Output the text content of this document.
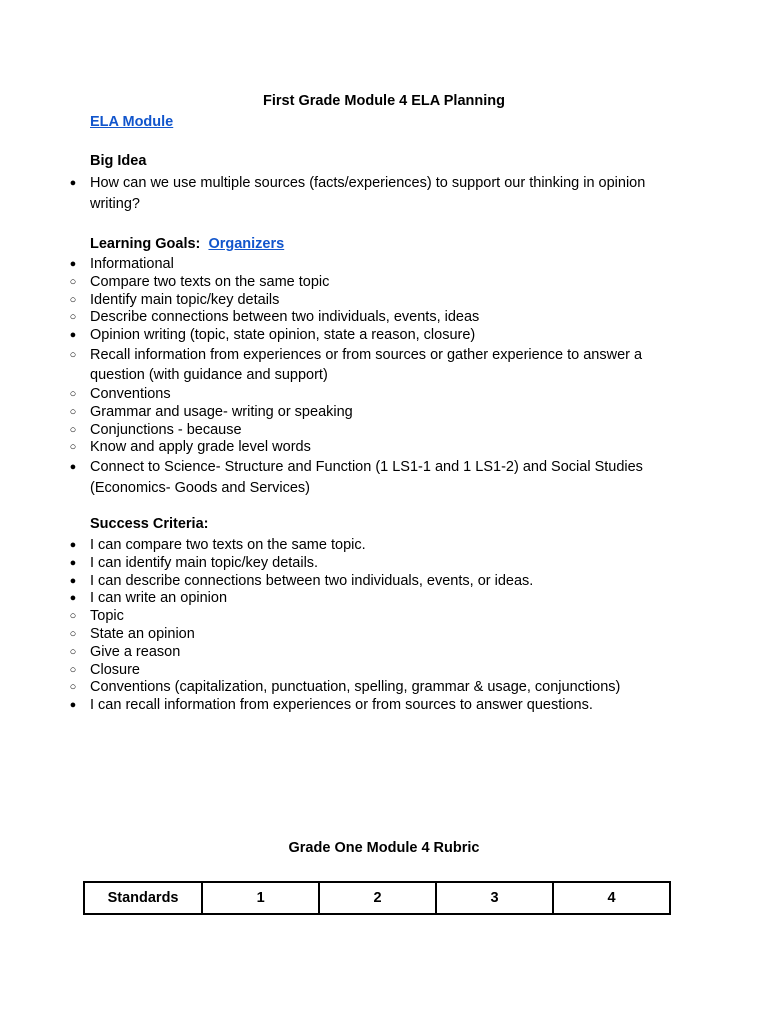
First Grade Module 4 ELA Planning
ELA Module
Big Idea
● How can we use multiple sources (facts/experiences) to support our thinking in opinion writing?
Learning Goals: Organizers
● Informational
○ Compare two texts on the same topic
○ Identify main topic/key details
○ Describe connections between two individuals, events, ideas
● Opinion writing (topic, state opinion, state a reason, closure)
○ Recall information from experiences or from sources or gather experience to answer a question (with guidance and support)
○ Conventions
○ Grammar and usage- writing or speaking
○ Conjunctions - because
○ Know and apply grade level words
● Connect to Science- Structure and Function (1 LS1-1 and 1 LS1-2) and Social Studies (Economics- Goods and Services)
Success Criteria:
● I can compare two texts on the same topic.
● I can identify main topic/key details.
● I can describe connections between two individuals, events, or ideas.
● I can write an opinion
○ Topic
○ State an opinion
○ Give a reason
○ Closure
○ Conventions (capitalization, punctuation, spelling, grammar & usage, conjunctions)
● I can recall information from experiences or from sources to answer questions.
Grade One Module 4 Rubric
Standards	1	2	3	4
